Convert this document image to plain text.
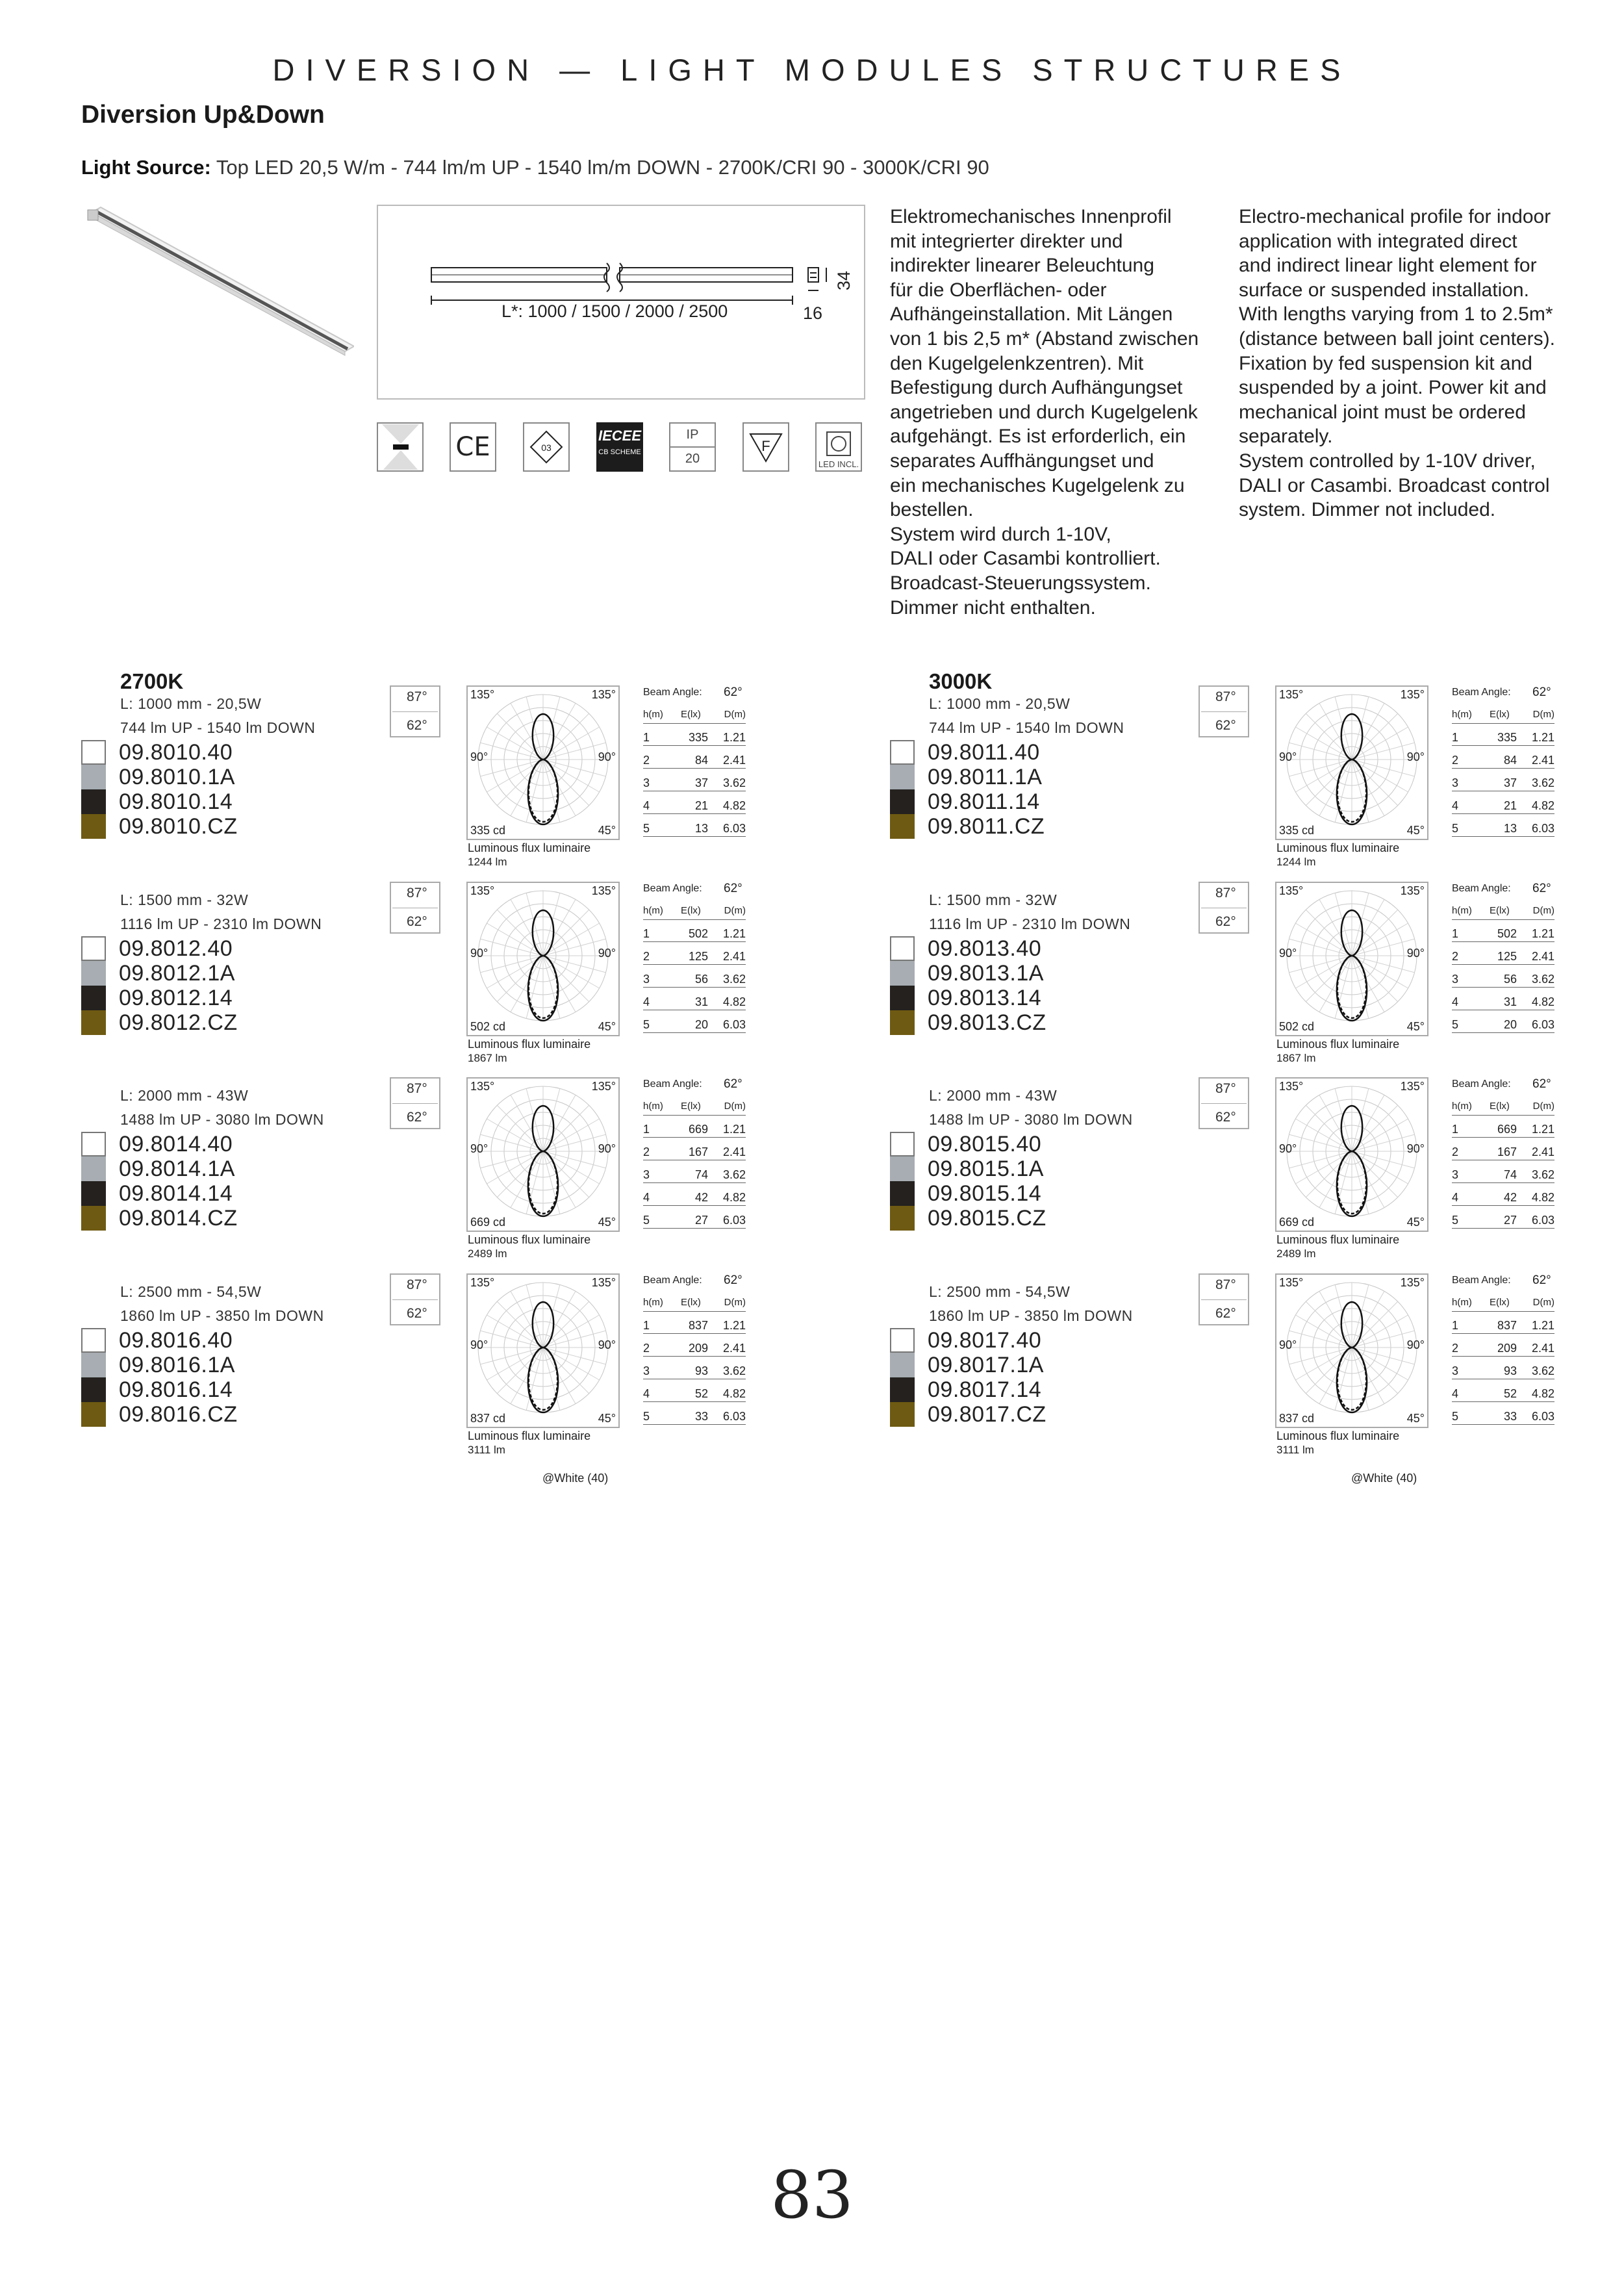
DIVERSION — LIGHT MODULES STRUCTURES
Diversion Up&Down
Light Source: Top LED 20,5 W/m - 744 lm/m UP - 1540 lm/m DOWN - 2700K/CRI 90 - 3000K/CRI 90
L*: 1000 / 1500 / 2000 / 2500
34
16
CE	03
IECEE
CB SCHEME
IP
20
F
LED INCL.
Elektromechanisches Innenprofil
mit integrierter direkter und
indirekter linearer Beleuchtung
für die Oberflächen- oder
Aufhängeinstallation. Mit Längen
von 1 bis 2,5 m* (Abstand zwischen
den Kugelgelenkzentren). Mit
Befestigung durch Aufhängungset
angetrieben und durch Kugelgelenk
aufgehängt. Es ist erforderlich, ein
separates Auffhängungset und
ein mechanisches Kugelgelenk zu
bestellen.
System wird durch 1-10V,
DALI oder Casambi kontrolliert.
Broadcast-Steuerungssystem.
Dimmer nicht enthalten.
Electro-mechanical profile for indoor
application with integrated direct
and indirect linear light element for
surface or suspended installation.
With lengths varying from 1 to 2.5m*
(distance between ball joint centers).
Fixation by fed suspension kit and
suspended by a joint. Power kit and
mechanical joint must be ordered
separately.
System controlled by 1-10V driver,
DALI or Casambi. Broadcast control
system. Dimmer not included.
2700K
L: 1000 mm - 20,5W
744 lm UP - 1540 lm DOWN
09.8010.40
09.8010.1A
09.8010.14
09.8010.CZ
87°
62°
135°	135°
90°	90°
335 cd	45°
Luminous flux luminaire
1244 lm
Beam Angle: 62°
h(m) E(lx) D(m)
1	335 1.21
2	84 2.41
3	37 3.62
4	21 4.82
5	13 6.03
L: 1500 mm - 32W
1116 lm UP - 2310 lm DOWN
09.8012.40
09.8012.1A
09.8012.14
09.8012.CZ
87°
62°
135°	135°
90°	90°
502 cd	45°
Luminous flux luminaire
1867 lm
Beam Angle: 62°
h(m) E(lx) D(m)
1	502 1.21
2	125 2.41
3	56 3.62
4	31 4.82
5	20 6.03
L: 2000 mm - 43W
1488 lm UP - 3080 lm DOWN
09.8014.40
09.8014.1A
09.8014.14
09.8014.CZ
87°
62°
135°	135°
90°	90°
669 cd	45°
Luminous flux luminaire
2489 lm
Beam Angle: 62°
h(m) E(lx) D(m)
1	669 1.21
2	167 2.41
3	74 3.62
4	42 4.82
5	27 6.03
L: 2500 mm - 54,5W
1860 lm UP - 3850 lm DOWN
09.8016.40
09.8016.1A
09.8016.14
09.8016.CZ
87°
62°
135°	135°
90°	90°
837 cd	45°
Luminous flux luminaire
3111 lm
Beam Angle: 62°
h(m) E(lx) D(m)
1	837 1.21
2	209 2.41
3	93 3.62
4	52 4.82
5	33 6.03
@White (40)
3000K
L: 1000 mm - 20,5W
744 lm UP - 1540 lm DOWN
09.8011.40
09.8011.1A
09.8011.14
09.8011.CZ
87°
62°
135°	135°
90°	90°
335 cd	45°
Luminous flux luminaire
1244 lm
Beam Angle: 62°
h(m) E(lx) D(m)
1	335 1.21
2	84 2.41
3	37 3.62
4	21 4.82
5	13 6.03
L: 1500 mm - 32W
1116 lm UP - 2310 lm DOWN
09.8013.40
09.8013.1A
09.8013.14
09.8013.CZ
87°
62°
135°	135°
90°	90°
502 cd	45°
Luminous flux luminaire
1867 lm
Beam Angle: 62°
h(m) E(lx) D(m)
1	502 1.21
2	125 2.41
3	56 3.62
4	31 4.82
5	20 6.03
L: 2000 mm - 43W
1488 lm UP - 3080 lm DOWN
09.8015.40
09.8015.1A
09.8015.14
09.8015.CZ
87°
62°
135°	135°
90°	90°
669 cd	45°
Luminous flux luminaire
2489 lm
Beam Angle: 62°
h(m) E(lx) D(m)
1	669 1.21
2	167 2.41
3	74 3.62
4	42 4.82
5	27 6.03
L: 2500 mm - 54,5W
1860 lm UP - 3850 lm DOWN
09.8017.40
09.8017.1A
09.8017.14
09.8017.CZ
87°
62°
135°	135°
90°	90°
837 cd	45°
Luminous flux luminaire
3111 lm
Beam Angle: 62°
h(m) E(lx) D(m)
1	837 1.21
2	209 2.41
3	93 3.62
4	52 4.82
5	33 6.03
@White (40)
83
